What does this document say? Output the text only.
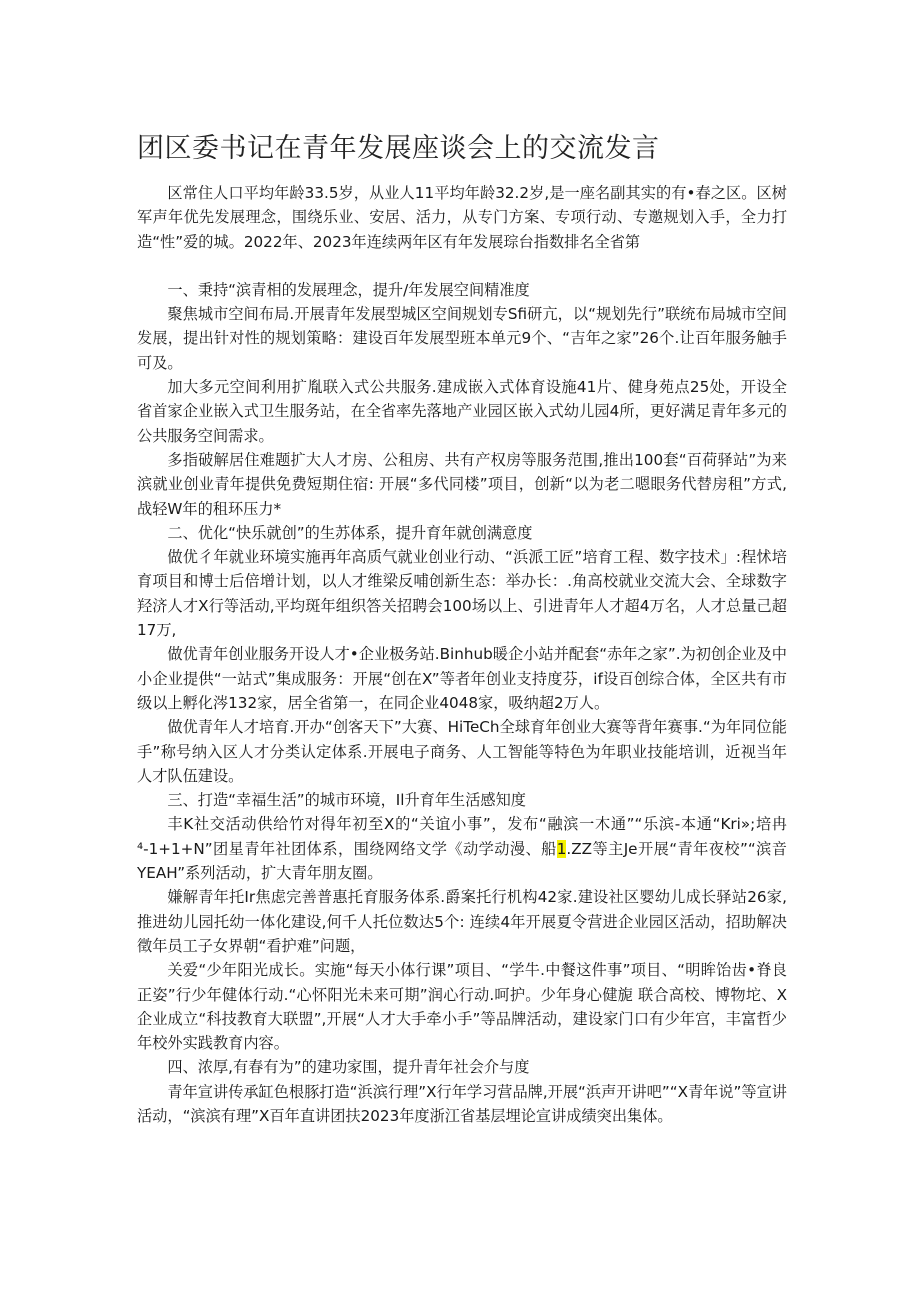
团区委书记在青年发展座谈会上的交流发言

区常住人口平均年龄33.5岁，从业人11平均年龄32.2岁,是一座名副其实的有•春之区。区树军声年优先发展理念，围绕乐业、安居、活力，从专门方案、专项行动、专邀规划入手，全力打造“性”爱的城。2022年、2023年连续两年区有年发展琮台指数排名全省第

一、秉持“滨青相的发展理念，提升/年发展空间精准度

聚焦城市空间布局.开展青年发展型城区空间规划专Sfi研亢，以“规划先行”联统布局城市空间发展，提出针对性的规划策略：建设百年发展型班本单元9个、“吉年之家”26个.让百年服务触手可及。

加大多元空间利用扩胤联入式公共服务.建成嵌入式体育设施41片、健身苑点25处，开设全省首家企业嵌入式卫生服务站，在全省率先落地产业园区嵌入式幼儿园4所，更好满足青年多元的公共服务空间需求。

多指破解居住难题扩大人才房、公租房、共有产权房等服务范围,推出100套“百荷驿站”为来滨就业创业青年提供免费短期住宿: 开展“多代同楼”项目，创新“以为老二嗯眼务代替房租”方式,战轻W年的租环压力*

二、优化“快乐就创”的生苏体系，提升育年就创满意度

做优彳年就业环境实施再年高质气就业创业行动、“浜派工匠”培育工程、数字技术」:程怵培育项目和博士后倍增计划，以人才维梁反哺创新生态：举办长：.角高校就业交流大会、全球数字羟济人才X行等活动,平均斑年组织答关招聘会100场以上、引进青年人才超4万名，人才总量己超17万,

做优青年创业服务开设人才•企业极务站.Binhub暖企小站并配套“赤年之家”.为初创企业及中小企业提供“一站式”集成服务：开展“创在X”等者年创业支持度芬，if设百创综合体，全区共有市级以上孵化涔132家，居全省第一，在同企业4048家，吸纳超2万人。

做优青年人才培育.开办“创客天下”大赛、HiTeCh全球育年创业大赛等背年赛事.“为年同位能手”称号纳入区人才分类认定体系.开展电子商务、人工智能等特色为年职业技能培训，近视当年人才队伍建设。

三、打造“幸福生活”的城市环境，Il升育年生活感知度

丰K社交活动供给竹对得年初至X的“关谊小事”，发布“融滨一木通”“乐滨-本通“Kri»;培冉⁴-1+1+N”团星青年社团体系，围绕网络文学《动学动漫、船1.ZZ等主Je开展“青年夜校”“滨音YEAH”系列活动，扩大青年朋友圈。

嫌解青年托Ir焦虑完善普惠托育服务体系.爵案托行机构42家.建设社区婴幼儿成长驿站26家,推进幼儿园托幼一体化建设,何千人托位数达5个: 连续4年开展夏令营进企业园区活动，招助解决徵年员工子女界朝“看护难”问题，

关爱“少年阳光成长。实施“每天小体行课”项目、“学牛.中餐这件事”项目、“明眸饴齿•脊良正姿”行少年健体行动.“心怀阳光未来可期”润心行动.呵护。少年身心健旎 联合高校、博物坨、X企业成立“科技教育大联盟”,开展“人才大手牵小手”等品牌活动，建设家门口有少年宫，丰富哲少年校外实践教育内容。

四、浓厚,有春有为”的建功家围，提升青年社会介与度

青年宣讲传承缸色根豚打造“浜滨行理”X行年学习营品牌,开展“浜声开讲吧”“X青年说”等宣讲活动，“滨滨有理”X百年直讲团扶2023年度浙江省基层埋论宣讲成绩突出集体。
